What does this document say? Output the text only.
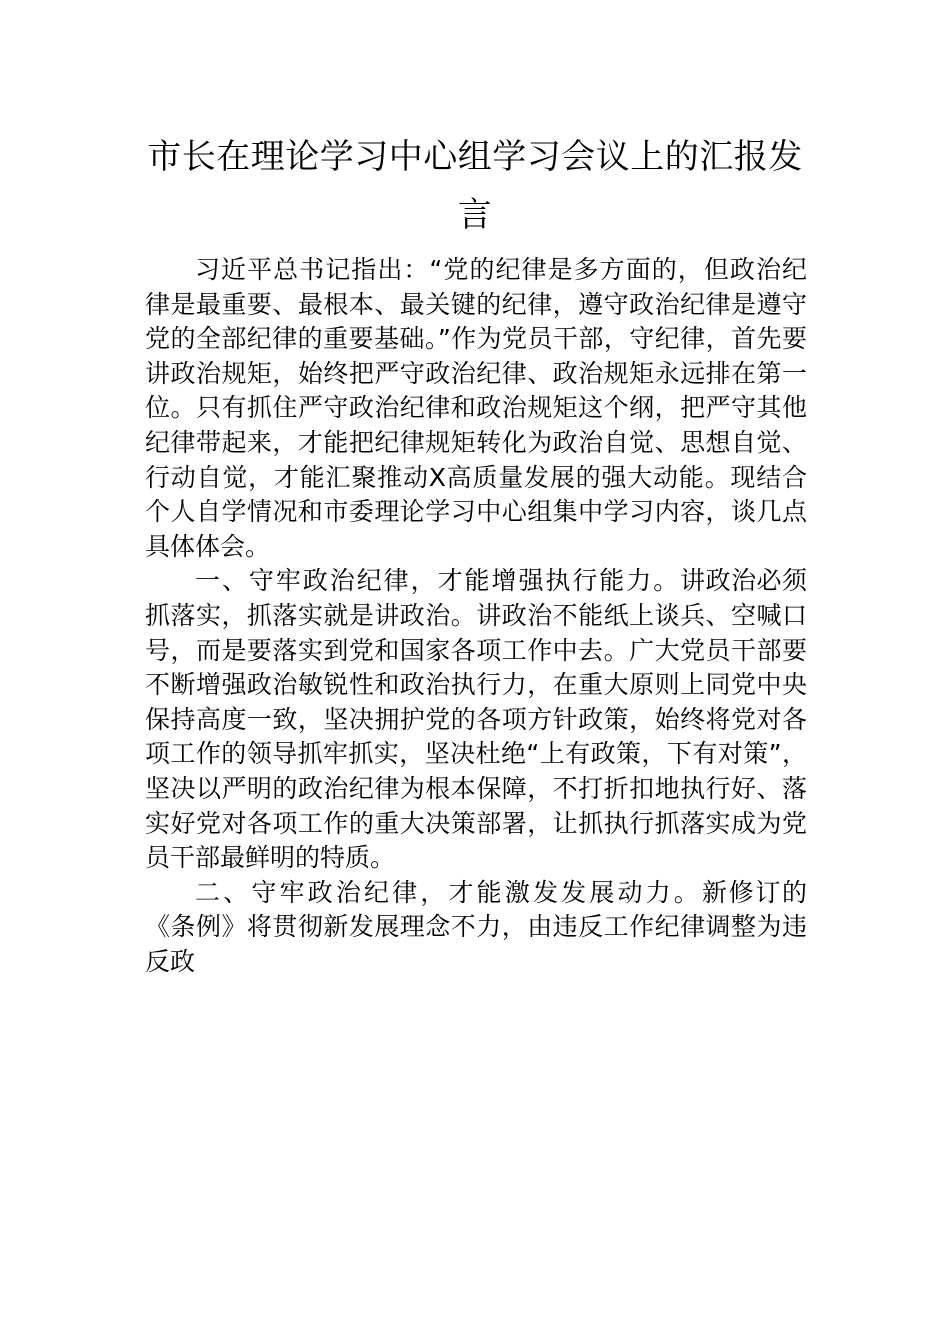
市长在理论学习中心组学习会议上的汇报发言

习近平总书记指出：“党的纪律是多方面的，但政治纪律是最重要、最根本、最关键的纪律，遵守政治纪律是遵守党的全部纪律的重要基础。”作为党员干部，守纪律，首先要讲政治规矩，始终把严守政治纪律、政治规矩永远排在第一位。只有抓住严守政治纪律和政治规矩这个纲，把严守其他纪律带起来，才能把纪律规矩转化为政治自觉、思想自觉、行动自觉，才能汇聚推动X高质量发展的强大动能。现结合个人自学情况和市委理论学习中心组集中学习内容，谈几点具体体会。

一、守牢政治纪律，才能增强执行能力。讲政治必须抓落实，抓落实就是讲政治。讲政治不能纸上谈兵、空喊口号，而是要落实到党和国家各项工作中去。广大党员干部要不断增强政治敏锐性和政治执行力，在重大原则上同党中央保持高度一致，坚决拥护党的各项方针政策，始终将党对各项工作的领导抓牢抓实，坚决杜绝“上有政策，下有对策”，坚决以严明的政治纪律为根本保障，不打折扣地执行好、落实好党对各项工作的重大决策部署，让抓执行抓落实成为党员干部最鲜明的特质。

二、守牢政治纪律，才能激发发展动力。新修订的《条例》将贯彻新发展理念不力，由违反工作纪律调整为违反政
